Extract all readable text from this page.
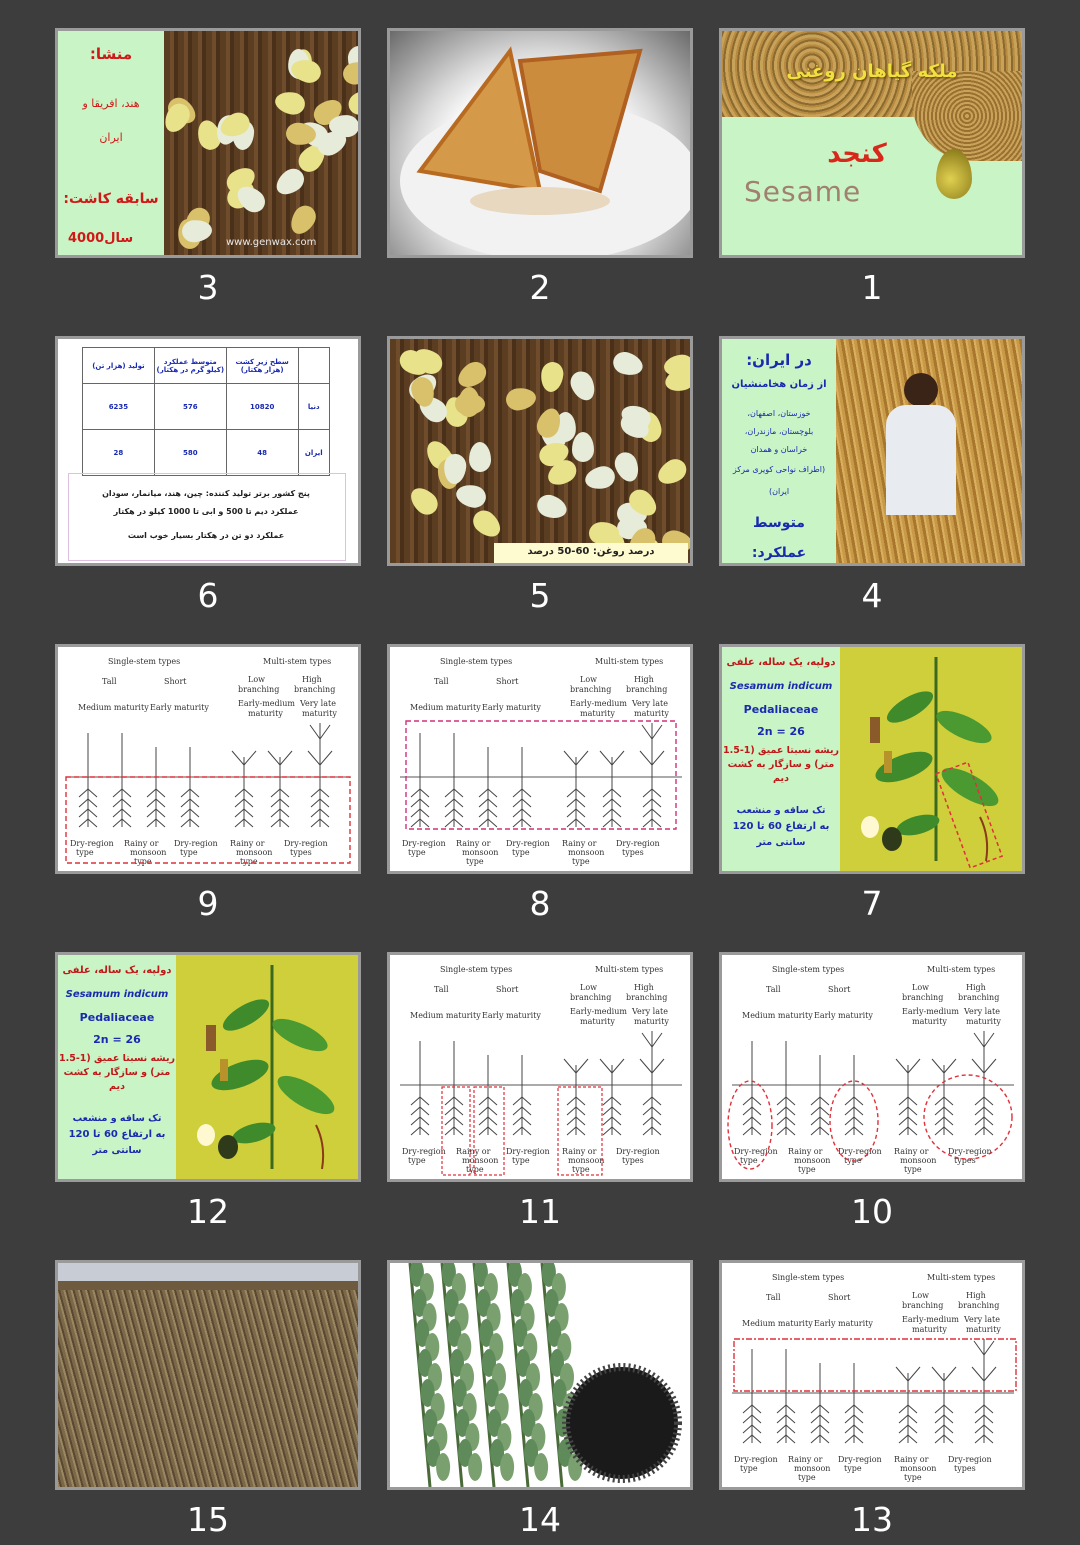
منشا:
هند، افریقا و
ایران
سابقه کاشت:
4000سال	www.genwax.com
3	2
ملکه گیاهان روغنی
کنجد
Sesame
1
تولید (هزار تن)	متوسط عملکرد (کیلو گرم در هکتار)	سطح زیر کشت (هزار هکتار)	
6235	576	10820	دنیا
28	580	48	ایران
پنج کشور برتر تولید کننده: چین، هند، میانمار، سودان
عملکرد دیم تا 500 و ابی تا 1000 کیلو در هکتار
عملکرد دو تن در هکتار بسیار خوب است
6
درصد روغن: 60-50 درصد
5
در ایران:
از زمان هخامنشیان
خوزستان، اصفهان،
بلوچستان، مازندران،
خراسان و همدان
(اطراف نواحی کویری مرکز
ایران)
متوسط
عملکرد:
4
Single-stem types	Multi-stem types
Tall	Short	Low
branching
High
branching
Medium maturity Early maturity	Early-medium
maturity
Very late
maturity
Dry-region
type
Rainy or
monsoon
type
Dry-region
type
Rainy or
monsoon
type
Dry-region
types
9
Single-stem types	Multi-stem types
Tall	Short	Low
branching
High
branching
Medium maturity Early maturity	Early-medium
maturity
Very late
maturity
Dry-region
type
Rainy or
monsoon
type
Dry-region
type
Rainy or
monsoon
type
Dry-region
types
8
دولپه، یک ساله، علفی
Sesamum indicum
Pedaliaceae
2n = 26
ریشه نسبتا عمیق (1-1.5
متر) و سازگار به کشت
دیم
تک ساقه و منشعب
به ارتفاع 60 تا 120
سانتی متر
7
دولپه، یک ساله، علفی
Sesamum indicum
Pedaliaceae
2n = 26
ریشه نسبتا عمیق (1-1.5
متر) و سازگار به کشت
دیم
تک ساقه و منشعب
به ارتفاع 60 تا 120
سانتی متر
12
Single-stem types	Multi-stem types
Tall	Short	Low
branching
High
branching
Medium maturity Early maturity	Early-medium
maturity
Very late
maturity
Dry-region
type
Rainy or
monsoon
type
Dry-region
type
Rainy or
monsoon
type
Dry-region
types
11
Single-stem types	Multi-stem types
Tall	Short	Low
branching
High
branching
Medium maturity Early maturity	Early-medium
maturity
Very late
maturity
Dry-region
type
Rainy or
monsoon
type
Dry-region
type
Rainy or
monsoon
type
Dry-region
types
10
15	14
Single-stem types	Multi-stem types
Tall	Short	Low
branching
High
branching
Medium maturity Early maturity	Early-medium
maturity
Very late
maturity
Dry-region
type
Rainy or
monsoon
type
Dry-region
type
Rainy or
monsoon
type
Dry-region
types
13
